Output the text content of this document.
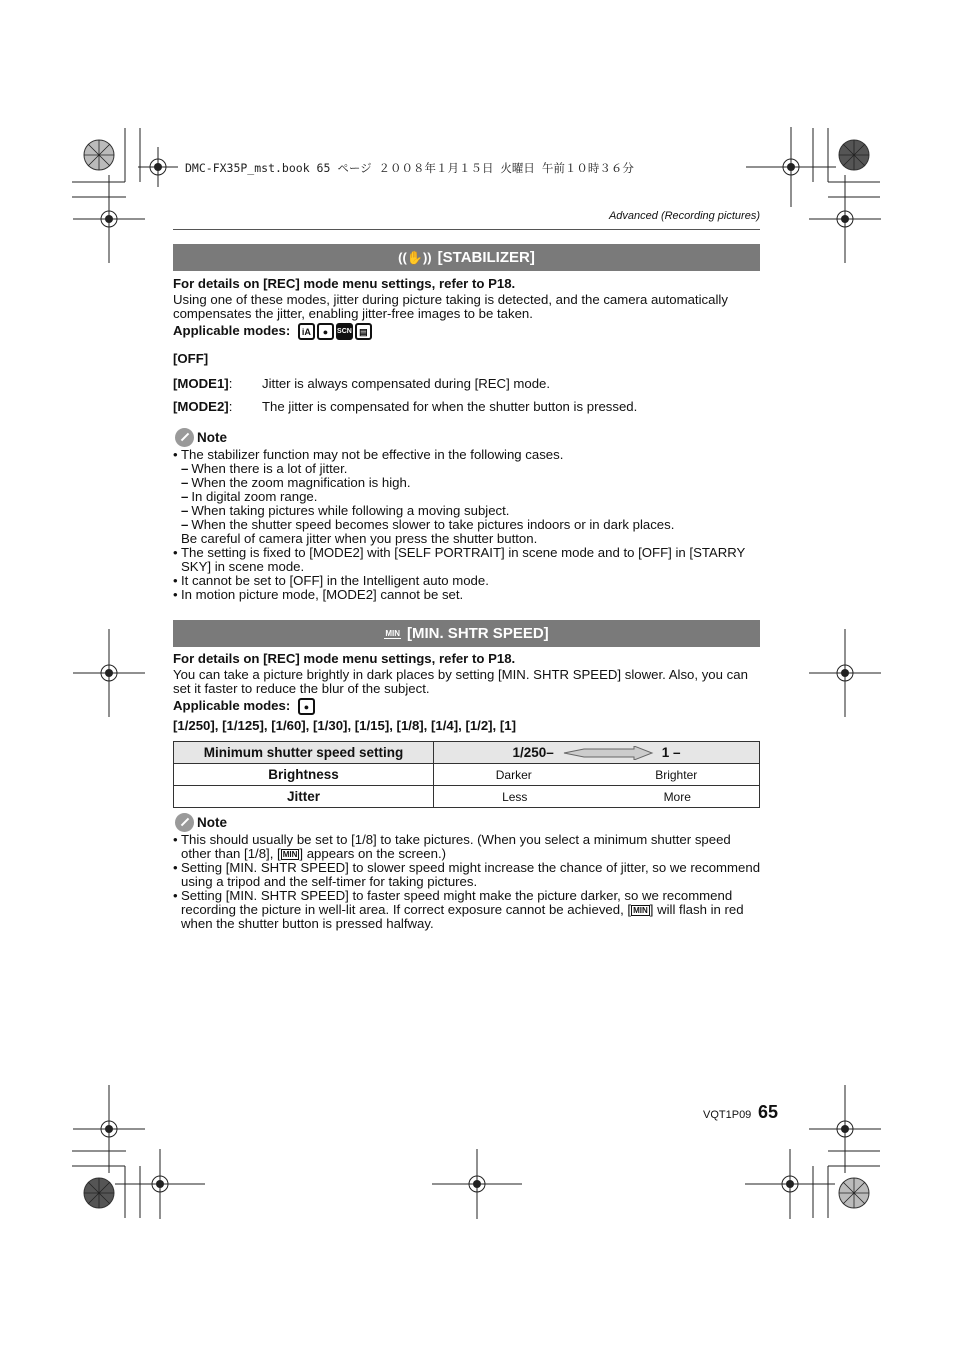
DMC-FX35P_mst.book 65 ページ ２００８年１月１５日 火曜日 午前１０時３６分
Advanced (Recording pictures)
((✋)) [STABILIZER]
For details on [REC] mode menu settings, refer to P18.
Using one of these modes, jitter during picture taking is detected, and the camera automatically compensates the jitter, enabling jitter-free images to be taken.
Applicable modes:	iA	●	SCN ▤
[OFF]
[MODE1]: Jitter is always compensated during [REC] mode.
[MODE2]: The jitter is compensated for when the shutter button is pressed.
Note
• The stabilizer function may not be effective in the following cases.
– When there is a lot of jitter.
– When the zoom magnification is high.
– In digital zoom range.
– When taking pictures while following a moving subject.
– When the shutter speed becomes slower to take pictures indoors or in dark places.
Be careful of camera jitter when you press the shutter button.
• The setting is fixed to [MODE2] with [SELF PORTRAIT] in scene mode and to [OFF] in [STARRY SKY] in scene mode.
• It cannot be set to [OFF] in the Intelligent auto mode.
• In motion picture mode, [MODE2] cannot be set.
MIN [MIN. SHTR SPEED]
For details on [REC] mode menu settings, refer to P18.
You can take a picture brightly in dark places by setting [MIN. SHTR SPEED] slower. Also, you can set it faster to reduce the blur of the subject.
Applicable modes:	●
[1/250], [1/125], [1/60], [1/30], [1/15], [1/8], [1/4], [1/2], [1]
Minimum shutter speed setting	1/250– 1 –

Brightness	Darker Brighter

Jitter	Less More
Note
• This should usually be set to [1/8] to take pictures. (When you select a minimum shutter speed other than [1/8], [ MIN ] appears on the screen.)
• Setting [MIN. SHTR SPEED] to slower speed might increase the chance of jitter, so we recommend using a tripod and the self-timer for taking pictures.
• Setting [MIN. SHTR SPEED] to faster speed might make the picture darker, so we recommend recording the picture in well-lit area. If correct exposure cannot be achieved, [ MIN ] will flash in red when the shutter button is pressed halfway.
VQT1P09 65
